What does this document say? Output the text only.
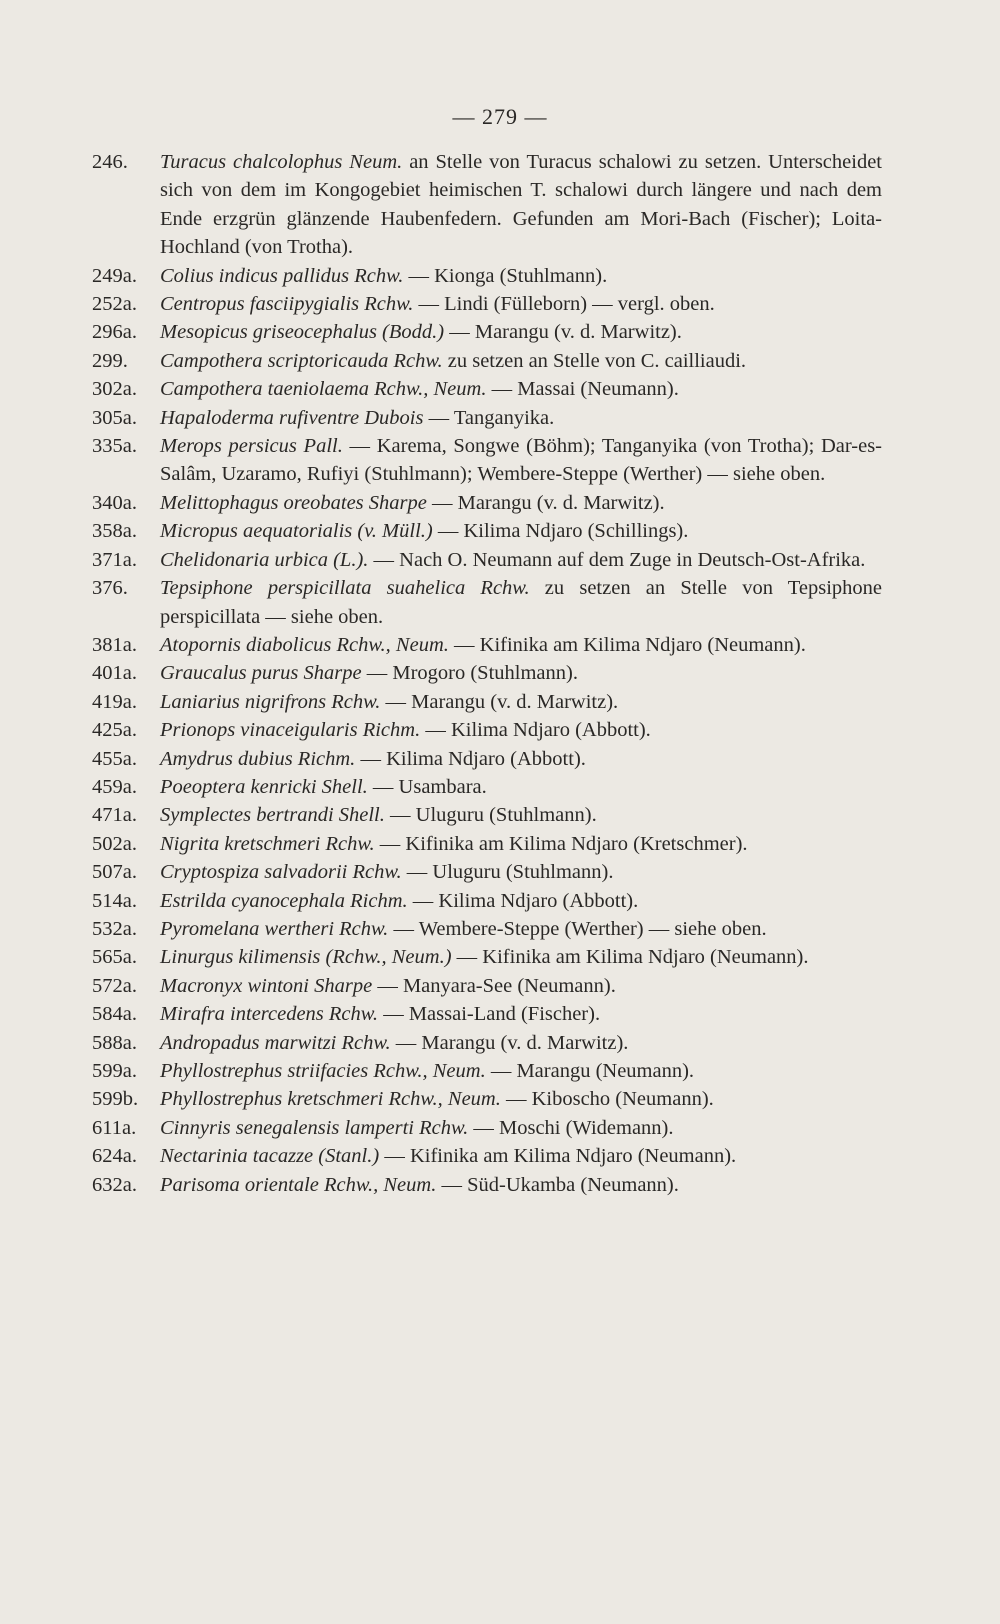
— 279 —
246.	Turacus chalcolophus Neum. an Stelle von Turacus schalowi zu setzen. Unterscheidet sich von dem im Kongogebiet heimischen T. schalowi durch längere und nach dem Ende erzgrün glänzende Haubenfedern. Gefunden am Mori-Bach (Fischer); Loita-Hochland (von Trotha).
249a.	Colius indicus pallidus Rchw. — Kionga (Stuhlmann).
252a.	Centropus fasciipygialis Rchw. — Lindi (Fülleborn) — vergl. oben.
296a.	Mesopicus griseocephalus (Bodd.) — Marangu (v. d. Marwitz).
299.	Campothera scriptoricauda Rchw. zu setzen an Stelle von C. cailliaudi.
302a.	Campothera taeniolaema Rchw., Neum. — Massai (Neumann).
305a.	Hapaloderma rufiventre Dubois — Tanganyika.
335a.	Merops persicus Pall. — Karema, Songwe (Böhm); Tanganyika (von Trotha); Dar-es-Salâm, Uzaramo, Rufiyi (Stuhlmann); Wembere-Steppe (Werther) — siehe oben.
340a.	Melittophagus oreobates Sharpe — Marangu (v. d. Marwitz).
358a.	Micropus aequatorialis (v. Müll.) — Kilima Ndjaro (Schillings).
371a.	Chelidonaria urbica (L.). — Nach O. Neumann auf dem Zuge in Deutsch-Ost-Afrika.
376.	Tepsiphone perspicillata suahelica Rchw. zu setzen an Stelle von Tepsiphone perspicillata — siehe oben.
381a.	Atopornis diabolicus Rchw., Neum. — Kifinika am Kilima Ndjaro (Neumann).
401a.	Graucalus purus Sharpe — Mrogoro (Stuhlmann).
419a.	Laniarius nigrifrons Rchw. — Marangu (v. d. Marwitz).
425a.	Prionops vinaceigularis Richm. — Kilima Ndjaro (Abbott).
455a.	Amydrus dubius Richm. — Kilima Ndjaro (Abbott).
459a.	Poeoptera kenricki Shell. — Usambara.
471a.	Symplectes bertrandi Shell. — Uluguru (Stuhlmann).
502a.	Nigrita kretschmeri Rchw. — Kifinika am Kilima Ndjaro (Kretschmer).
507a.	Cryptospiza salvadorii Rchw. — Uluguru (Stuhlmann).
514a.	Estrilda cyanocephala Richm. — Kilima Ndjaro (Abbott).
532a.	Pyromelana wertheri Rchw. — Wembere-Steppe (Werther) — siehe oben.
565a.	Linurgus kilimensis (Rchw., Neum.) — Kifinika am Kilima Ndjaro (Neumann).
572a.	Macronyx wintoni Sharpe — Manyara-See (Neumann).
584a.	Mirafra intercedens Rchw. — Massai-Land (Fischer).
588a.	Andropadus marwitzi Rchw. — Marangu (v. d. Marwitz).
599a.	Phyllostrephus striifacies Rchw., Neum. — Marangu (Neumann).
599b.	Phyllostrephus kretschmeri Rchw., Neum. — Kiboscho (Neumann).
611a.	Cinnyris senegalensis lamperti Rchw. — Moschi (Widemann).
624a.	Nectarinia tacazze (Stanl.) — Kifinika am Kilima Ndjaro (Neumann).
632a.	Parisoma orientale Rchw., Neum. — Süd-Ukamba (Neumann).
